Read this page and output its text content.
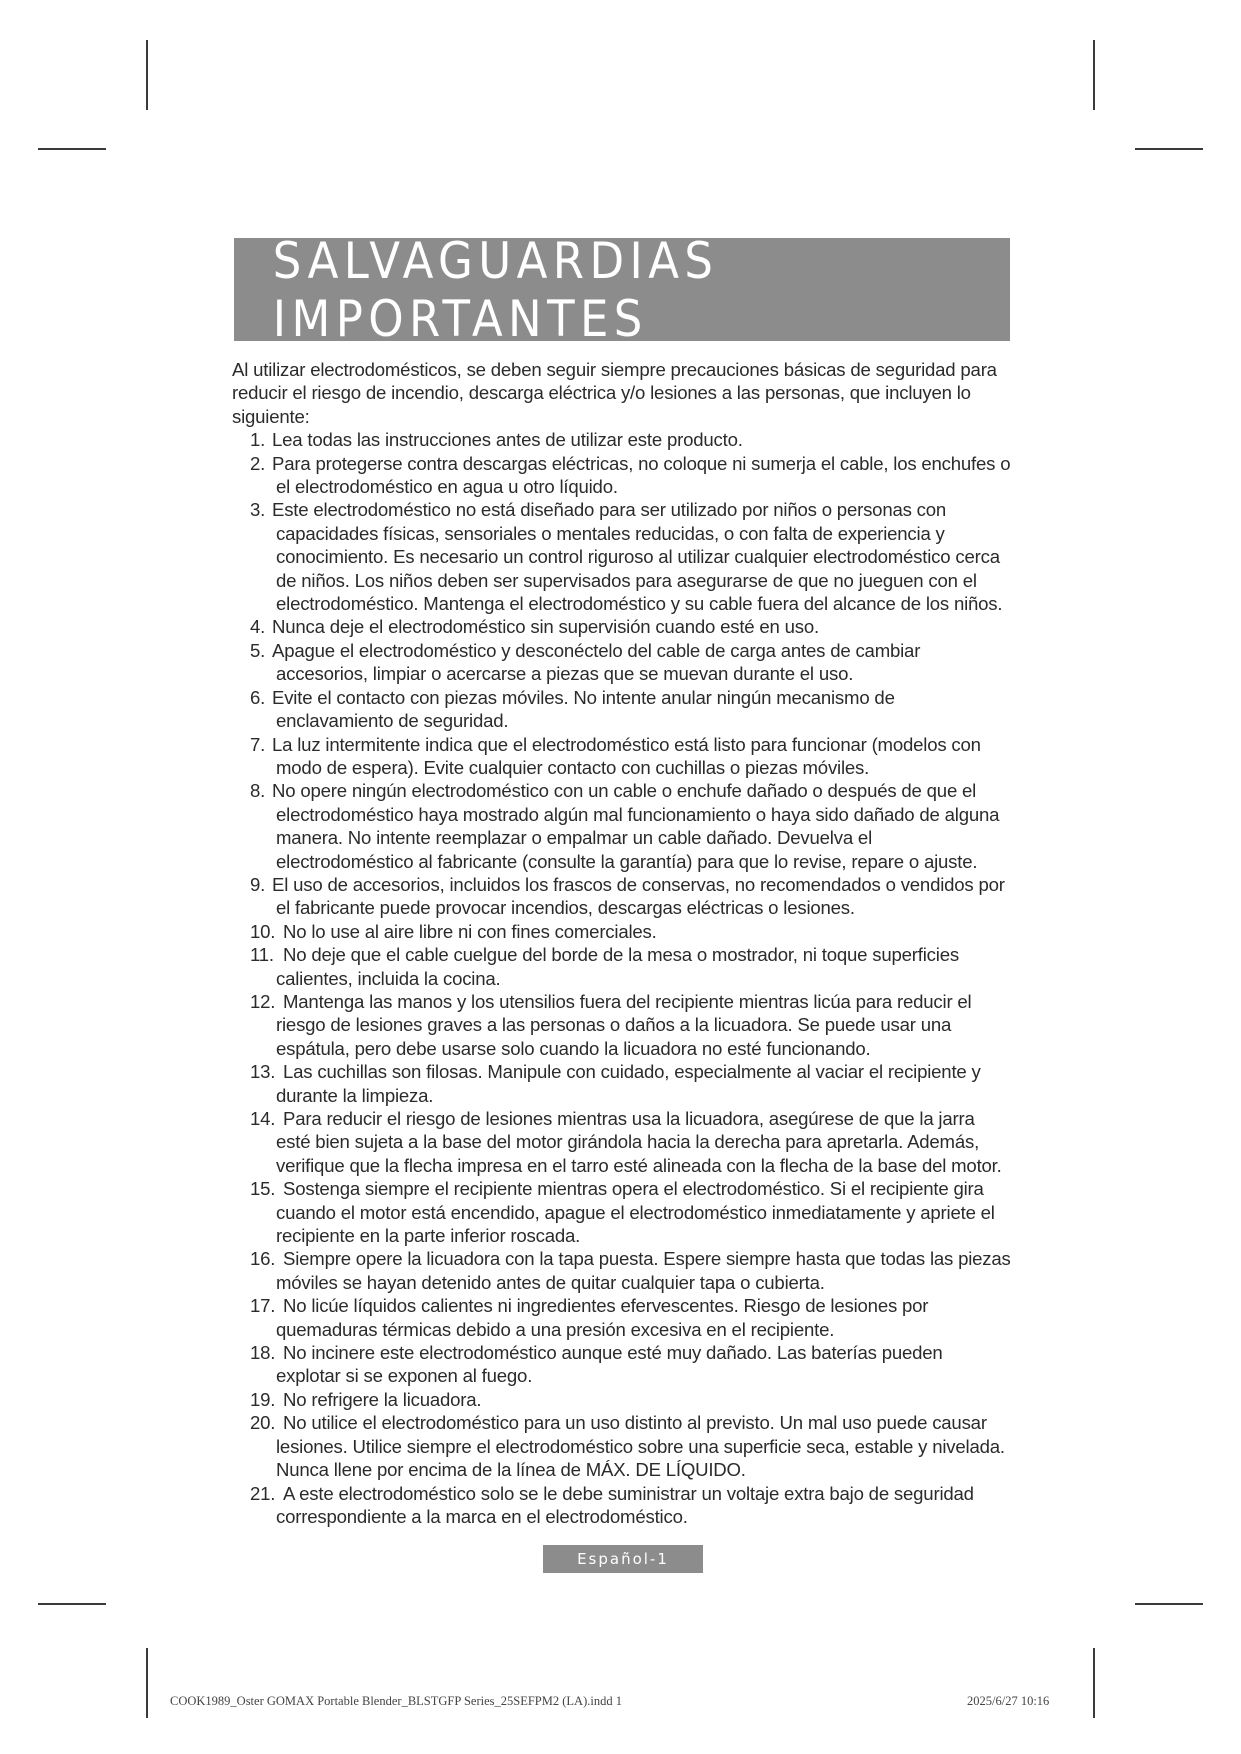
SALVAGUARDIAS IMPORTANTES

Al utilizar electrodomésticos, se deben seguir siempre precauciones básicas de seguridad para reducir el riesgo de incendio, descarga eléctrica y/o lesiones a las personas, que incluyen lo siguiente:

1. Lea todas las instrucciones antes de utilizar este producto.
2. Para protegerse contra descargas eléctricas, no coloque ni sumerja el cable, los enchufes o el electrodoméstico en agua u otro líquido.
3. Este electrodoméstico no está diseñado para ser utilizado por niños o personas con capacidades físicas, sensoriales o mentales reducidas, o con falta de experiencia y conocimiento. Es necesario un control riguroso al utilizar cualquier electrodoméstico cerca de niños. Los niños deben ser supervisados para asegurarse de que no jueguen con el electrodoméstico. Mantenga el electrodoméstico y su cable fuera del alcance de los niños.
4. Nunca deje el electrodoméstico sin supervisión cuando esté en uso.
5. Apague el electrodoméstico y desconéctelo del cable de carga antes de cambiar accesorios, limpiar o acercarse a piezas que se muevan durante el uso.
6. Evite el contacto con piezas móviles. No intente anular ningún mecanismo de enclavamiento de seguridad.
7. La luz intermitente indica que el electrodoméstico está listo para funcionar (modelos con modo de espera). Evite cualquier contacto con cuchillas o piezas móviles.
8. No opere ningún electrodoméstico con un cable o enchufe dañado o después de que el electrodoméstico haya mostrado algún mal funcionamiento o haya sido dañado de alguna manera. No intente reemplazar o empalmar un cable dañado. Devuelva el electrodoméstico al fabricante (consulte la garantía) para que lo revise, repare o ajuste.
9. El uso de accesorios, incluidos los frascos de conservas, no recomendados o vendidos por el fabricante puede provocar incendios, descargas eléctricas o lesiones.
10. No lo use al aire libre ni con fines comerciales.
11. No deje que el cable cuelgue del borde de la mesa o mostrador, ni toque superficies calientes, incluida la cocina.
12. Mantenga las manos y los utensilios fuera del recipiente mientras licúa para reducir el riesgo de lesiones graves a las personas o daños a la licuadora. Se puede usar una espátula, pero debe usarse solo cuando la licuadora no esté funcionando.
13. Las cuchillas son filosas. Manipule con cuidado, especialmente al vaciar el recipiente y durante la limpieza.
14. Para reducir el riesgo de lesiones mientras usa la licuadora, asegúrese de que la jarra esté bien sujeta a la base del motor girándola hacia la derecha para apretarla. Además, verifique que la flecha impresa en el tarro esté alineada con la flecha de la base del motor.
15. Sostenga siempre el recipiente mientras opera el electrodoméstico. Si el recipiente gira cuando el motor está encendido, apague el electrodoméstico inmediatamente y apriete el recipiente en la parte inferior roscada.
16. Siempre opere la licuadora con la tapa puesta. Espere siempre hasta que todas las piezas móviles se hayan detenido antes de quitar cualquier tapa o cubierta.
17. No licúe líquidos calientes ni ingredientes efervescentes. Riesgo de lesiones por quemaduras térmicas debido a una presión excesiva en el recipiente.
18. No incinere este electrodoméstico aunque esté muy dañado. Las baterías pueden explotar si se exponen al fuego.
19. No refrigere la licuadora.
20. No utilice el electrodoméstico para un uso distinto al previsto. Un mal uso puede causar lesiones. Utilice siempre el electrodoméstico sobre una superficie seca, estable y nivelada. Nunca llene por encima de la línea de MÁX. DE LÍQUIDO.
21. A este electrodoméstico solo se le debe suministrar un voltaje extra bajo de seguridad correspondiente a la marca en el electrodoméstico.
Español-1
COOK1989_Oster GOMAX Portable Blender_BLSTGFP Series_25SEFPM2 (LA).indd 1	2025/6/27 10:16
